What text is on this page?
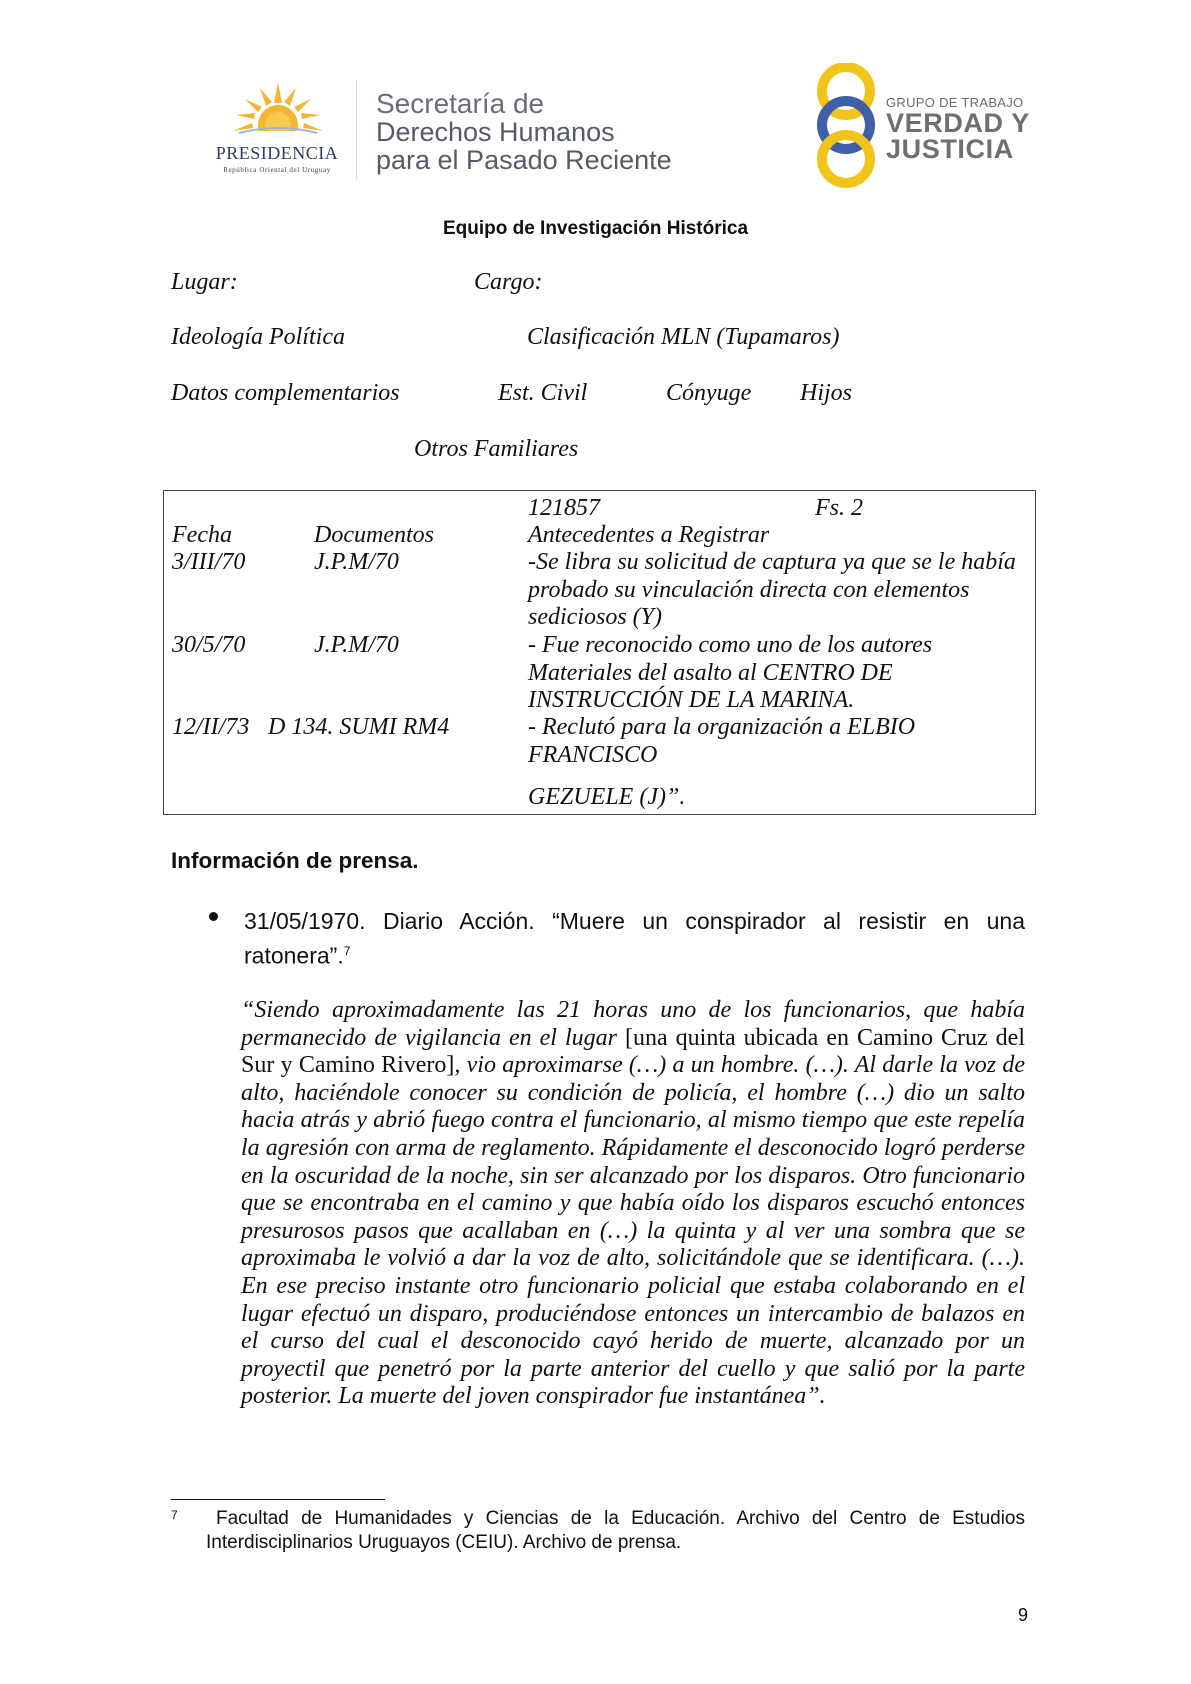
PRESIDENCIA
República Oriental del Uruguay
Secretaría de
Derechos Humanos
para el Pasado Reciente
GRUPO DE TRABAJO
VERDAD Y
JUSTICIA
Equipo de Investigación Histórica
Lugar:	Cargo:
Ideología Política	Clasificación MLN (Tupamaros)
Datos complementarios	Est. Civil	Cónyuge Hijos
Otros Familiares
121857	Fs. 2
Fecha	Documentos	Antecedentes a Registrar
3/III/70	J.P.M/70	-Se libra su solicitud de captura ya que se le había
probado su vinculación directa con elementos
sediciosos (Y)
30/5/70	J.P.M/70	- Fue reconocido como uno de los autores
Materiales del asalto al CENTRO DE
INSTRUCCIÓN DE LA MARINA.
12/II/73 D 134. SUMI RM4	- Reclutó para la organización a ELBIO
FRANCISCO
GEZUELE (J)”.
Información de prensa.
31/05/1970. Diario Acción. “Muere un conspirador al resistir en una ratonera”.$^7$
“Siendo aproximadamente las 21 horas uno de los funcionarios, que había permanecido de vigilancia en el lugar [una quinta ubicada en Camino Cruz del Sur y Camino Rivero], vio aproximarse (…) a un hombre. (…). Al darle la voz de alto, haciéndole conocer su condición de policía, el hombre (…) dio un salto hacia atrás y abrió fuego contra el funcionario, al mismo tiempo que este repelía la agresión con arma de reglamento. Rápidamente el desconocido logró perderse en la oscuridad de la noche, sin ser alcanzado por los disparos. Otro funcionario que se encontraba en el camino y que había oído los disparos escuchó entonces presurosos pasos que acallaban en (…) la quinta y al ver una sombra que se aproximaba le volvió a dar la voz de alto, solicitándole que se identificara. (…). En ese preciso instante otro funcionario policial que estaba colaborando en el lugar efectuó un disparo, produciéndose entonces un intercambio de balazos en el curso del cual el desconocido cayó herido de muerte, alcanzado por un proyectil que penetró por la parte anterior del cuello y que salió por la parte posterior. La muerte del joven conspirador fue instantánea”.
7	Facultad de Humanidades y Ciencias de la Educación. Archivo del Centro de Estudios Interdisciplinarios Uruguayos (CEIU). Archivo de prensa.
9
